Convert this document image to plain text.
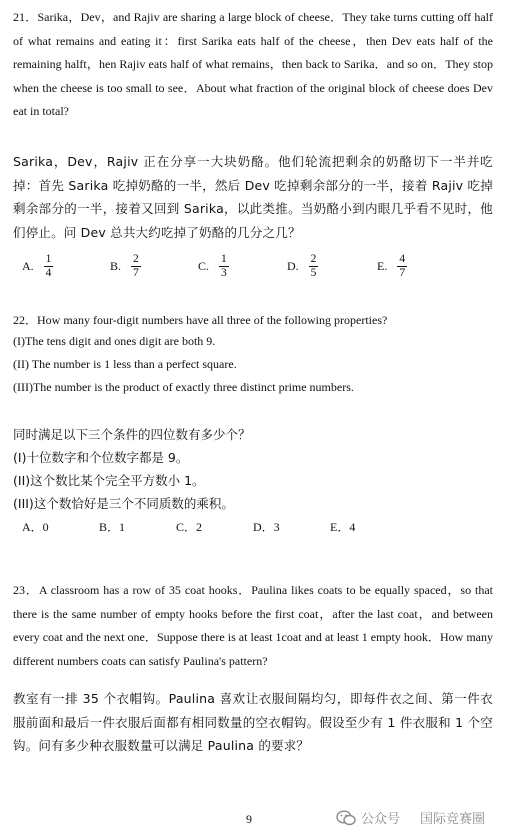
21．Sarika，Dev，and Rajiv are sharing a large block of cheese．They take turns cutting off half of what remains and eating it：first Sarika eats half of the cheese，then Dev eats half of the remaining halft，hen Rajiv eats half of what remains，then back to Sarika．and so on．They stop when the cheese is too small to see．About what fraction of the original block of cheese does Dev eat in total?

Sarika，Dev，Rajiv 正在分享一大块奶酪。他们轮流把剩余的奶酪切下一半并吃掉：首先 Sarika 吃掉奶酪的一半，然后 Dev 吃掉剩余部分的一半，接着 Rajiv 吃掉剩余部分的一半，接着又回到 Sarika，以此类推。当奶酪小到内眼几乎看不见时，他们停止。问 Dev 总共大约吃掉了奶酪的几分之几？

A. $\frac{1}{4}$	B. $\frac{2}{7}$	C. $\frac{1}{3}$	D. $\frac{2}{5}$	E. $\frac{4}{7}$
22．How many four-digit numbers have all three of the following properties?
(I)The tens digit and ones digit are both 9.
(II) The number is 1 less than a perfect square.
(III)The number is the product of exactly three distinct prime numbers.
同时满足以下三个条件的四位数有多少个？
(I)十位数字和个位数字都是 9。
(II)这个数比某个完全平方数小 1。
(III)这个数恰好是三个不同质数的乘积。
A．0	B．1	C．2	D．3	E．4

23．A classroom has a row of 35 coat hooks．Paulina likes coats to be equally spaced，so that there is the same number of empty hooks before the first coat，after the last coat，and between every coat and the next one．Suppose there is at least 1coat and at least 1 empty hook．How many different numbers coats can satisfy Paulina's pattern?

教室有一排 35 个衣帽钩。Paulina 喜欢让衣服间隔均匀，即每件衣之间、第一件衣服前面和最后一件衣服后面都有相同数量的空衣帽钩。假设至少有 1 件衣服和 1 个空钩。问有多少种衣服数量可以满足 Paulina 的要求？

9	公众号 国际竞赛圈
